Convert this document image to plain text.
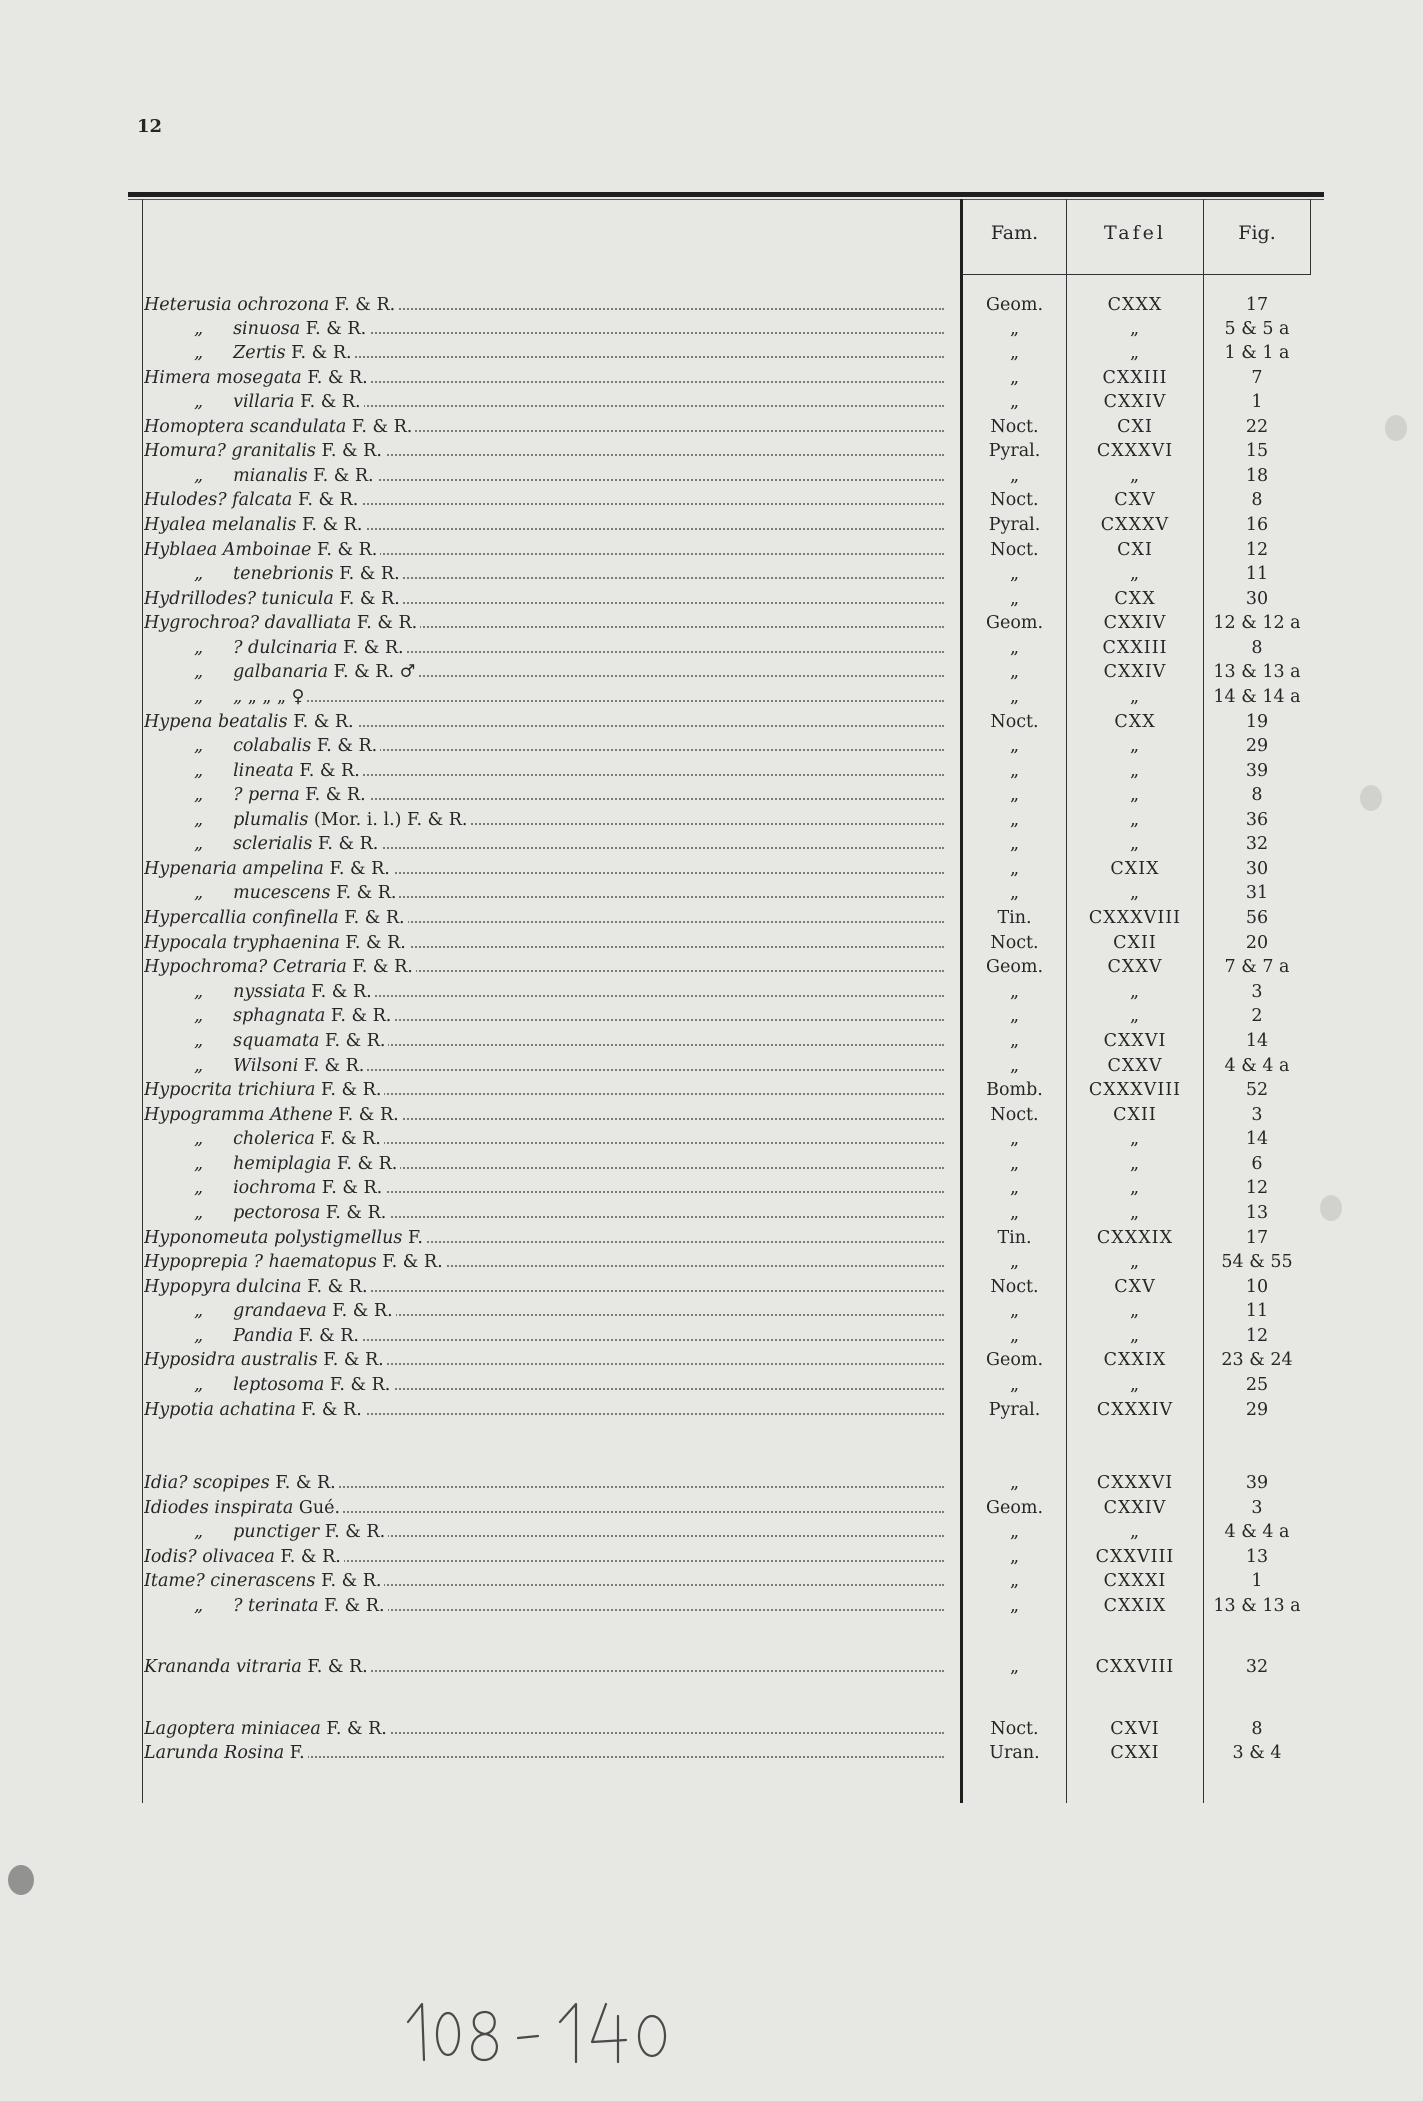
12
Fam.	Tafel	Fig.
Heterusia ochrozona F. & R.	Geom.	CXXX	17
„ sinuosa F. & R.	„	„	5 & 5 a
„ Zertis F. & R.	„	„	1 & 1 a
Himera mosegata F. & R.	„	CXXIII	7
„ villaria F. & R.	„	CXXIV	1
Homoptera scandulata F. & R.	Noct.	CXI	22
Homura? granitalis F. & R.	Pyral.	CXXXVI	15
„ mianalis F. & R.	„	„	18
Hulodes? falcata F. & R.	Noct.	CXV	8
Hyalea melanalis F. & R.	Pyral.	CXXXV	16
Hyblaea Amboinae F. & R.	Noct.	CXI	12
„ tenebrionis F. & R.	„	„	11
Hydrillodes? tunicula F. & R.	„	CXX	30
Hygrochroa? davalliata F. & R.	Geom.	CXXIV	12 & 12 a
„ ? dulcinaria F. & R.	„	CXXIII	8
„ galbanaria F. & R. ♂	„	CXXIV	13 & 13 a
„ „ „ „ „ ♀	„	„	14 & 14 a
Hypena beatalis F. & R.	Noct.	CXX	19
„ colabalis F. & R.	„	„	29
„ lineata F. & R.	„	„	39
„ ? perna F. & R.	„	„	8
„ plumalis (Mor. i. l.) F. & R.	„	„	36
„ sclerialis F. & R.	„	„	32
Hypenaria ampelina F. & R.	„	CXIX	30
„ mucescens F. & R.	„	„	31
Hypercallia confinella F. & R.	Tin.	CXXXVIII	56
Hypocala tryphaenina F. & R.	Noct.	CXII	20
Hypochroma? Cetraria F. & R.	Geom.	CXXV	7 & 7 a
„ nyssiata F. & R.	„	„	3
„ sphagnata F. & R.	„	„	2
„ squamata F. & R.	„	CXXVI	14
„ Wilsoni F. & R.	„	CXXV	4 & 4 a
Hypocrita trichiura F. & R.	Bomb.	CXXXVIII	52
Hypogramma Athene F. & R.	Noct.	CXII	3
„ cholerica F. & R.	„	„	14
„ hemiplagia F. & R.	„	„	6
„ iochroma F. & R.	„	„	12
„ pectorosa F. & R.	„	„	13
Hyponomeuta polystigmellus F.	Tin.	CXXXIX	17
Hypoprepia ? haematopus F. & R.	„	„	54 & 55
Hypopyra dulcina F. & R.	Noct.	CXV	10
„ grandaeva F. & R.	„	„	11
„ Pandia F. & R.	„	„	12
Hyposidra australis F. & R.	Geom.	CXXIX	23 & 24
„ leptosoma F. & R.	„	„	25
Hypotia achatina F. & R.	Pyral.	CXXXIV	29
Idia? scopipes F. & R.	„	CXXXVI	39
Idiodes inspirata Gué.	Geom.	CXXIV	3
„ punctiger F. & R.	„	„	4 & 4 a
Iodis? olivacea F. & R.	„	CXXVIII	13
Itame? cinerascens F. & R.	„	CXXXI	1
„ ? terinata F. & R.	„	CXXIX	13 & 13 a
Krananda vitraria F. & R.	„	CXXVIII	32
Lagoptera miniacea F. & R.	Noct.	CXVI	8
Larunda Rosina F.	Uran.	CXXI	3 & 4
